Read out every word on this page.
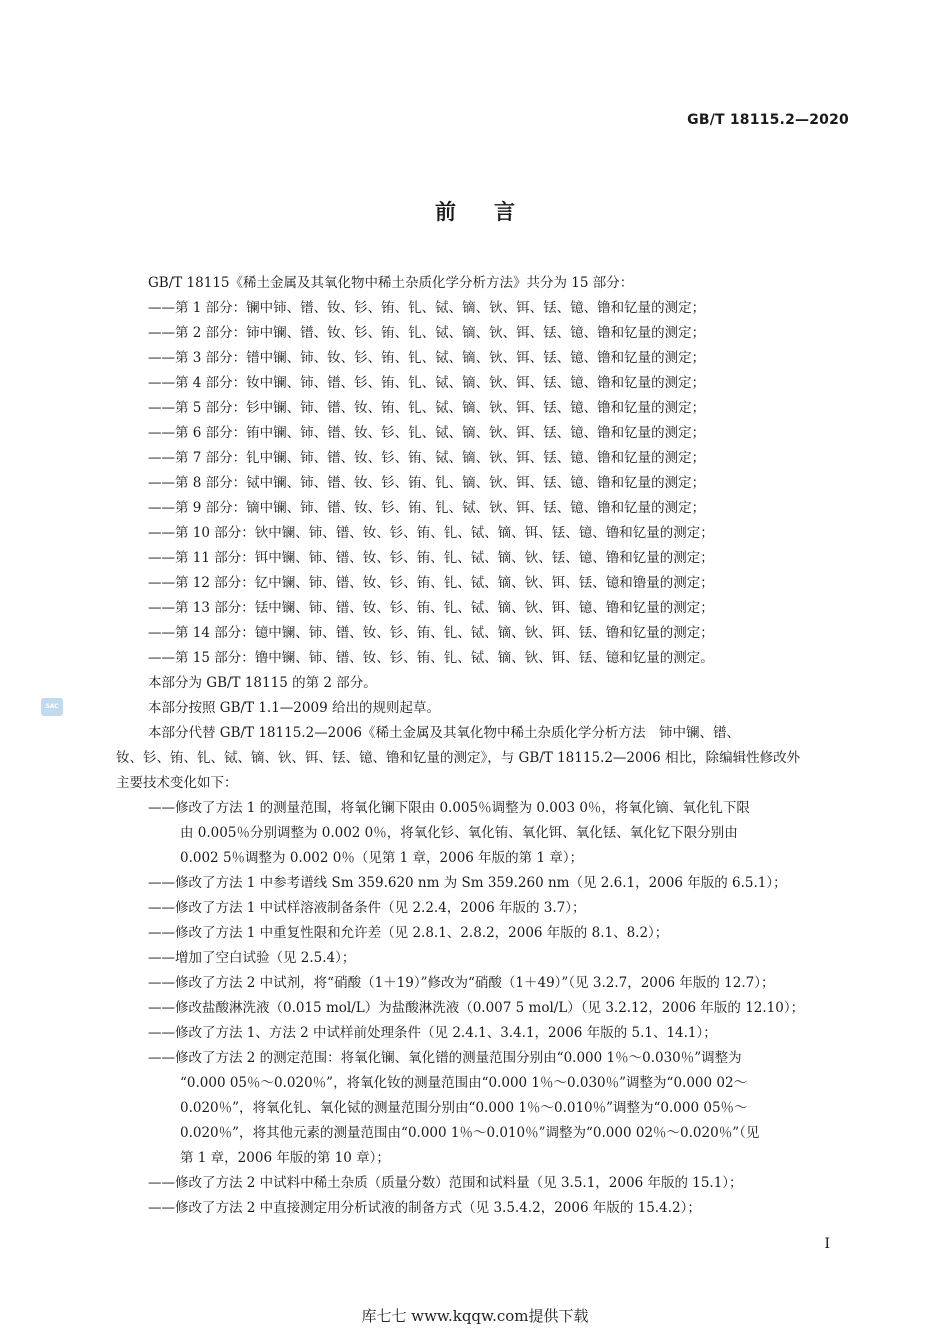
GB/T 18115.2—2020
前言
SAC
GB/T 18115《稀土金属及其氧化物中稀土杂质化学分析方法》共分为 15 部分：
——第 1 部分：镧中铈、镨、钕、钐、铕、钆、铽、镝、钬、铒、铥、镱、镥和钇量的测定；
——第 2 部分：铈中镧、镨、钕、钐、铕、钆、铽、镝、钬、铒、铥、镱、镥和钇量的测定；
——第 3 部分：镨中镧、铈、钕、钐、铕、钆、铽、镝、钬、铒、铥、镱、镥和钇量的测定；
——第 4 部分：钕中镧、铈、镨、钐、铕、钆、铽、镝、钬、铒、铥、镱、镥和钇量的测定；
——第 5 部分：钐中镧、铈、镨、钕、铕、钆、铽、镝、钬、铒、铥、镱、镥和钇量的测定；
——第 6 部分：铕中镧、铈、镨、钕、钐、钆、铽、镝、钬、铒、铥、镱、镥和钇量的测定；
——第 7 部分：钆中镧、铈、镨、钕、钐、铕、铽、镝、钬、铒、铥、镱、镥和钇量的测定；
——第 8 部分：铽中镧、铈、镨、钕、钐、铕、钆、镝、钬、铒、铥、镱、镥和钇量的测定；
——第 9 部分：镝中镧、铈、镨、钕、钐、铕、钆、铽、钬、铒、铥、镱、镥和钇量的测定；
——第 10 部分：钬中镧、铈、镨、钕、钐、铕、钆、铽、镝、铒、铥、镱、镥和钇量的测定；
——第 11 部分：铒中镧、铈、镨、钕、钐、铕、钆、铽、镝、钬、铥、镱、镥和钇量的测定；
——第 12 部分：钇中镧、铈、镨、钕、钐、铕、钆、铽、镝、钬、铒、铥、镱和镥量的测定；
——第 13 部分：铥中镧、铈、镨、钕、钐、铕、钆、铽、镝、钬、铒、镱、镥和钇量的测定；
——第 14 部分：镱中镧、铈、镨、钕、钐、铕、钆、铽、镝、钬、铒、铥、镥和钇量的测定；
——第 15 部分：镥中镧、铈、镨、钕、钐、铕、钆、铽、镝、钬、铒、铥、镱和钇量的测定。
本部分为 GB/T 18115 的第 2 部分。
本部分按照 GB/T 1.1—2009 给出的规则起草。
本部分代替 GB/T 18115.2—2006《稀土金属及其氧化物中稀土杂质化学分析方法　铈中镧、镨、
钕、钐、铕、钆、铽、镝、钬、铒、铥、镱、镥和钇量的测定》，与 GB/T 18115.2—2006 相比，除编辑性修改外
主要技术变化如下：
——修改了方法 1 的测量范围，将氧化镧下限由 0.005％调整为 0.003 0％，将氧化镝、氧化钆下限
由 0.005％分别调整为 0.002 0％，将氧化钐、氧化铕、氧化铒、氧化铥、氧化钇下限分别由
0.002 5％调整为 0.002 0％（见第 1 章，2006 年版的第 1 章）；
——修改了方法 1 中参考谱线 Sm 359.620 nm 为 Sm 359.260 nm（见 2.6.1，2006 年版的 6.5.1）；
——修改了方法 1 中试样溶液制备条件（见 2.2.4，2006 年版的 3.7）；
——修改了方法 1 中重复性限和允许差（见 2.8.1、2.8.2，2006 年版的 8.1、8.2）；
——增加了空白试验（见 2.5.4）；
——修改了方法 2 中试剂，将“硝酸（1＋19）”修改为“硝酸（1＋49）”（见 3.2.7，2006 年版的 12.7）；
——修改盐酸淋洗液（0.015 mol/L）为盐酸淋洗液（0.007 5 mol/L）（见 3.2.12，2006 年版的 12.10）；
——修改了方法 1、方法 2 中试样前处理条件（见 2.4.1、3.4.1，2006 年版的 5.1、14.1）；
——修改了方法 2 的测定范围：将氧化镧、氧化镨的测量范围分别由“0.000 1％～0.030％”调整为
“0.000 05％～0.020％”，将氧化钕的测量范围由“0.000 1％～0.030％”调整为“0.000 02～
0.020％”，将氧化钆、氧化铽的测量范围分别由“0.000 1％～0.010％”调整为“0.000 05％～
0.020％”，将其他元素的测量范围由“0.000 1％～0.010％”调整为“0.000 02％～0.020％”（见
第 1 章，2006 年版的第 10 章）；
——修改了方法 2 中试料中稀土杂质（质量分数）范围和试料量（见 3.5.1，2006 年版的 15.1）；
——修改了方法 2 中直接测定用分析试液的制备方式（见 3.5.4.2，2006 年版的 15.4.2）；
I
库七七 www.kqqw.com提供下载
